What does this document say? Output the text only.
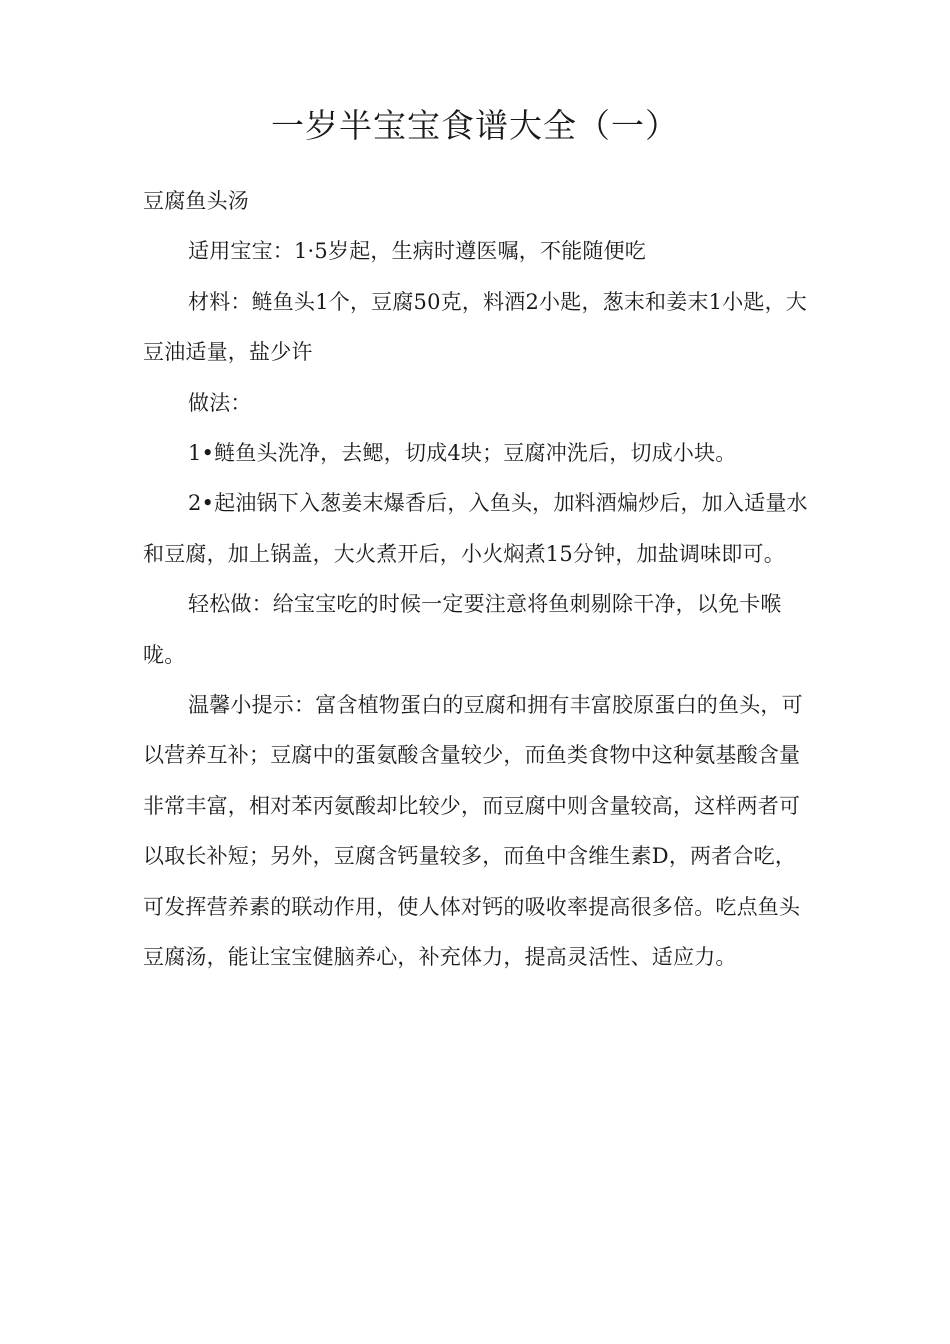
一岁半宝宝食谱大全（一）

豆腐鱼头汤

适用宝宝：1·5岁起，生病时遵医嘱，不能随便吃

材料：鲢鱼头1个，豆腐50克，料酒2小匙，葱末和姜末1小匙，大豆油适量，盐少许

做法：

1•鲢鱼头洗净，去鳃，切成4块；豆腐冲洗后，切成小块。

2•起油锅下入葱姜末爆香后，入鱼头，加料酒煸炒后，加入适量水和豆腐，加上锅盖，大火煮开后，小火焖煮15分钟，加盐调味即可。

轻松做：给宝宝吃的时候一定要注意将鱼刺剔除干净，以免卡喉咙。

温馨小提示：富含植物蛋白的豆腐和拥有丰富胶原蛋白的鱼头，可以营养互补；豆腐中的蛋氨酸含量较少，而鱼类食物中这种氨基酸含量非常丰富，相对苯丙氨酸却比较少，而豆腐中则含量较高，这样两者可以取长补短；另外，豆腐含钙量较多，而鱼中含维生素D，两者合吃，可发挥营养素的联动作用，使人体对钙的吸收率提高很多倍。吃点鱼头豆腐汤，能让宝宝健脑养心，补充体力，提高灵活性、适应力。
